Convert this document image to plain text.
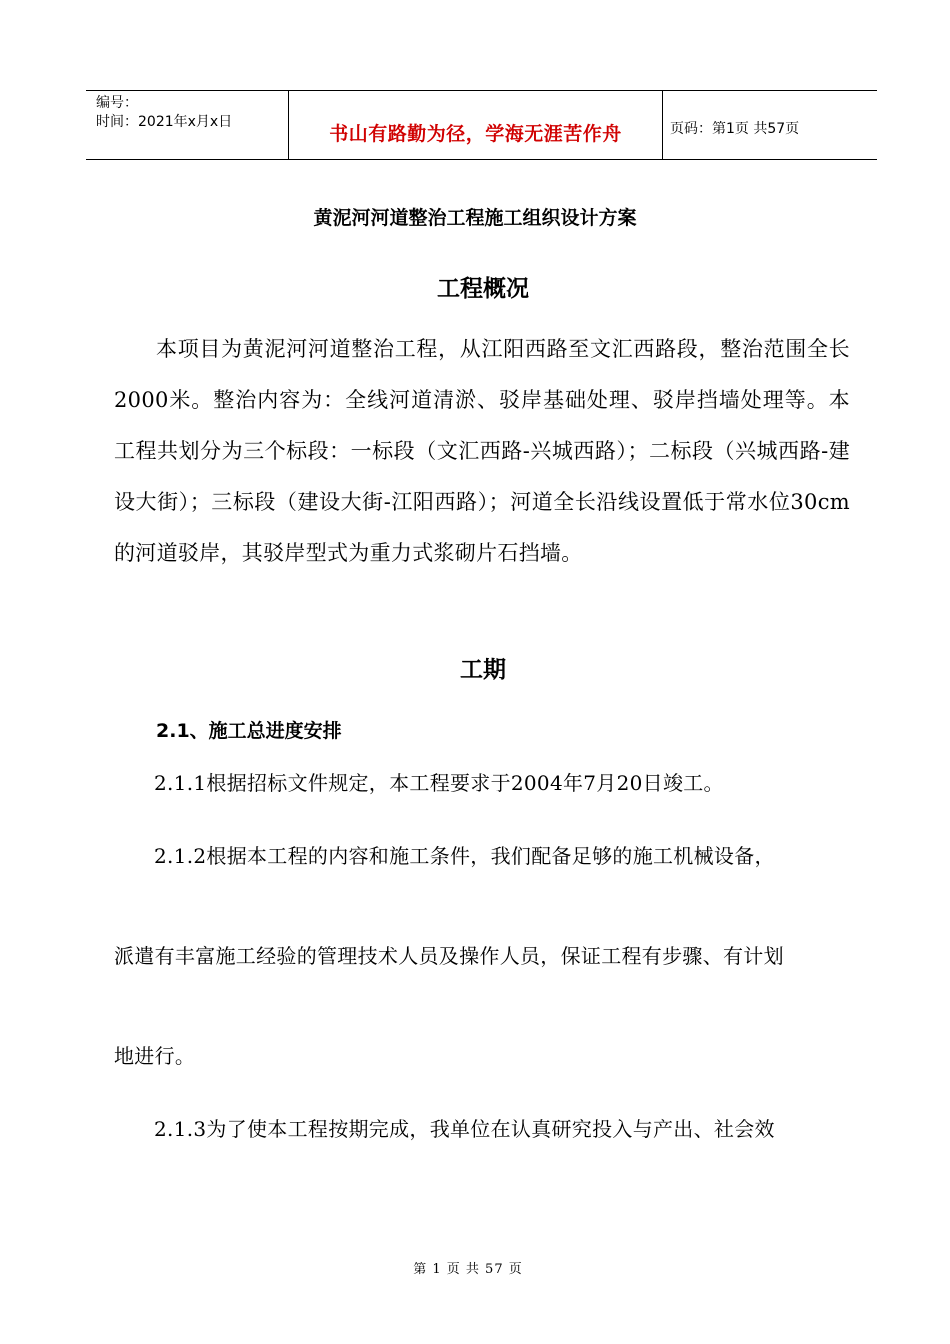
编号：
时间：2021年x月x日
书山有路勤为径，学海无涯苦作舟	页码：第1页 共57页
黄泥河河道整治工程施工组织设计方案
工程概况
本项目为黄泥河河道整治工程，从江阳西路至文汇西路段，整治范围全长2000米。整治内容为：全线河道清淤、驳岸基础处理、驳岸挡墙处理等。本工程共划分为三个标段：一标段（文汇西路-兴城西路）；二标段（兴城西路-建设大街）；三标段（建设大街-江阳西路）；河道全长沿线设置低于常水位30cm的河道驳岸，其驳岸型式为重力式浆砌片石挡墙。
工期
2.1、施工总进度安排
2.1.1根据招标文件规定，本工程要求于2004年7月20日竣工。
2.1.2根据本工程的内容和施工条件，我们配备足够的施工机械设备，
派遣有丰富施工经验的管理技术人员及操作人员，保证工程有步骤、有计划
地进行。
2.1.3为了使本工程按期完成，我单位在认真研究投入与产出、社会效
第 1 页 共 57 页
